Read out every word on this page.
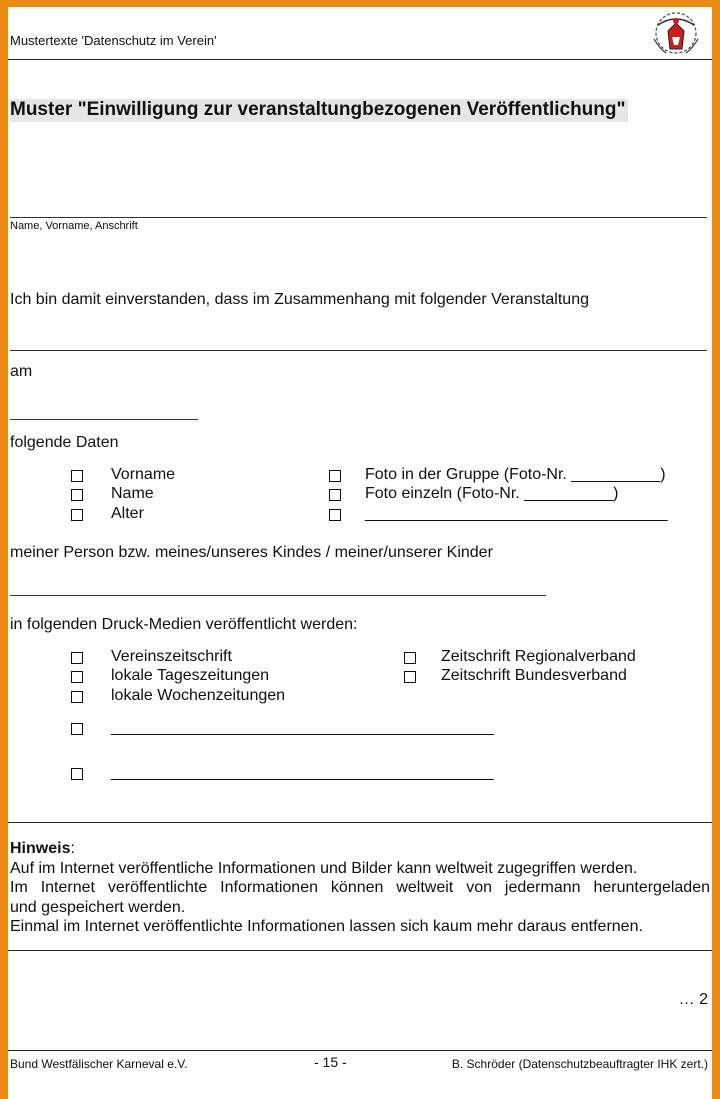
Mustertexte 'Datenschutz im Verein'
Muster "Einwilligung zur veranstaltungbezogenen Veröffentlichung"
Name, Vorname, Anschrift
Ich bin damit einverstanden, dass im Zusammenhang mit folgender Veranstaltung
am
folgende Daten
Vorname
Name
Alter
Foto in der Gruppe (Foto-Nr. __________)
Foto einzeln (Foto-Nr. __________)
__________________________________
meiner Person bzw. meines/unseres Kindes / meiner/unserer Kinder
in folgenden Druck-Medien veröffentlicht werden:
Vereinszeitschrift
lokale Tageszeitungen
lokale Wochenzeitungen
Zeitschrift Regionalverband
Zeitschrift Bundesverband
___________________________________________
___________________________________________
Hinweis:
Auf im Internet veröffentliche Informationen und Bilder kann weltweit zugegriffen werden.
Im Internet veröffentlichte Informationen können weltweit von jedermann heruntergeladen
und gespeichert werden.
Einmal im Internet veröffentlichte Informationen lassen sich kaum mehr daraus entfernen.
… 2
Bund Westfälischer Karneval e.V.	- 15 -	B. Schröder (Datenschutzbeauftragter IHK zert.)
